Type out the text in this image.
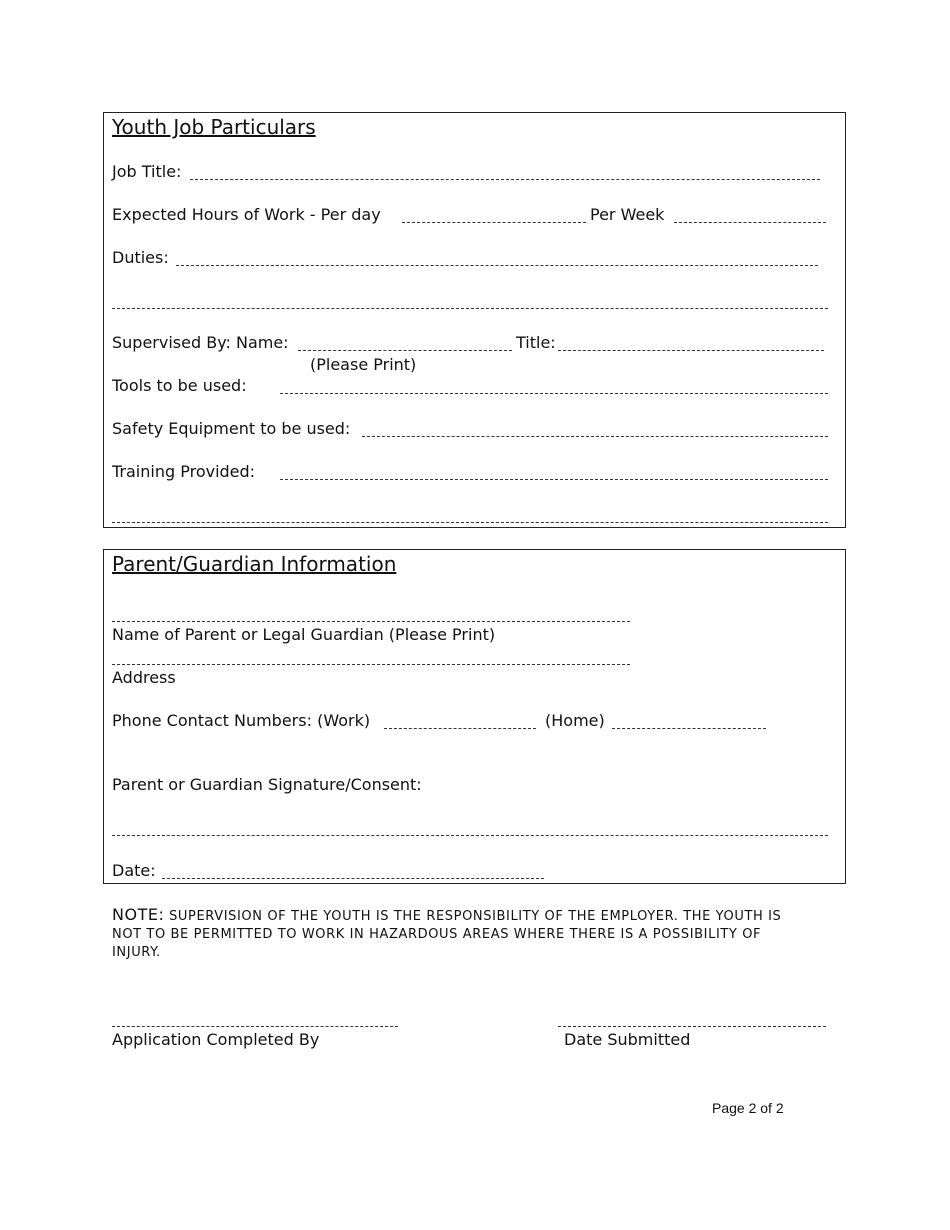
Youth Job Particulars
Job Title:
Expected Hours of Work - Per day	Per Week
Duties:
Supervised By: Name:	Title:
(Please Print)
Tools to be used:
Safety Equipment to be used:
Training Provided:
Parent/Guardian Information
Name of Parent or Legal Guardian (Please Print)
Address
Phone Contact Numbers: (Work)	(Home)
Parent or Guardian Signature/Consent:
Date:
NOTE: SUPERVISION OF THE YOUTH IS THE RESPONSIBILITY OF THE EMPLOYER. THE YOUTH IS NOT TO BE PERMITTED TO WORK IN HAZARDOUS AREAS WHERE THERE IS A POSSIBILITY OF INJURY.
Application Completed By	Date Submitted
Page 2 of 2
